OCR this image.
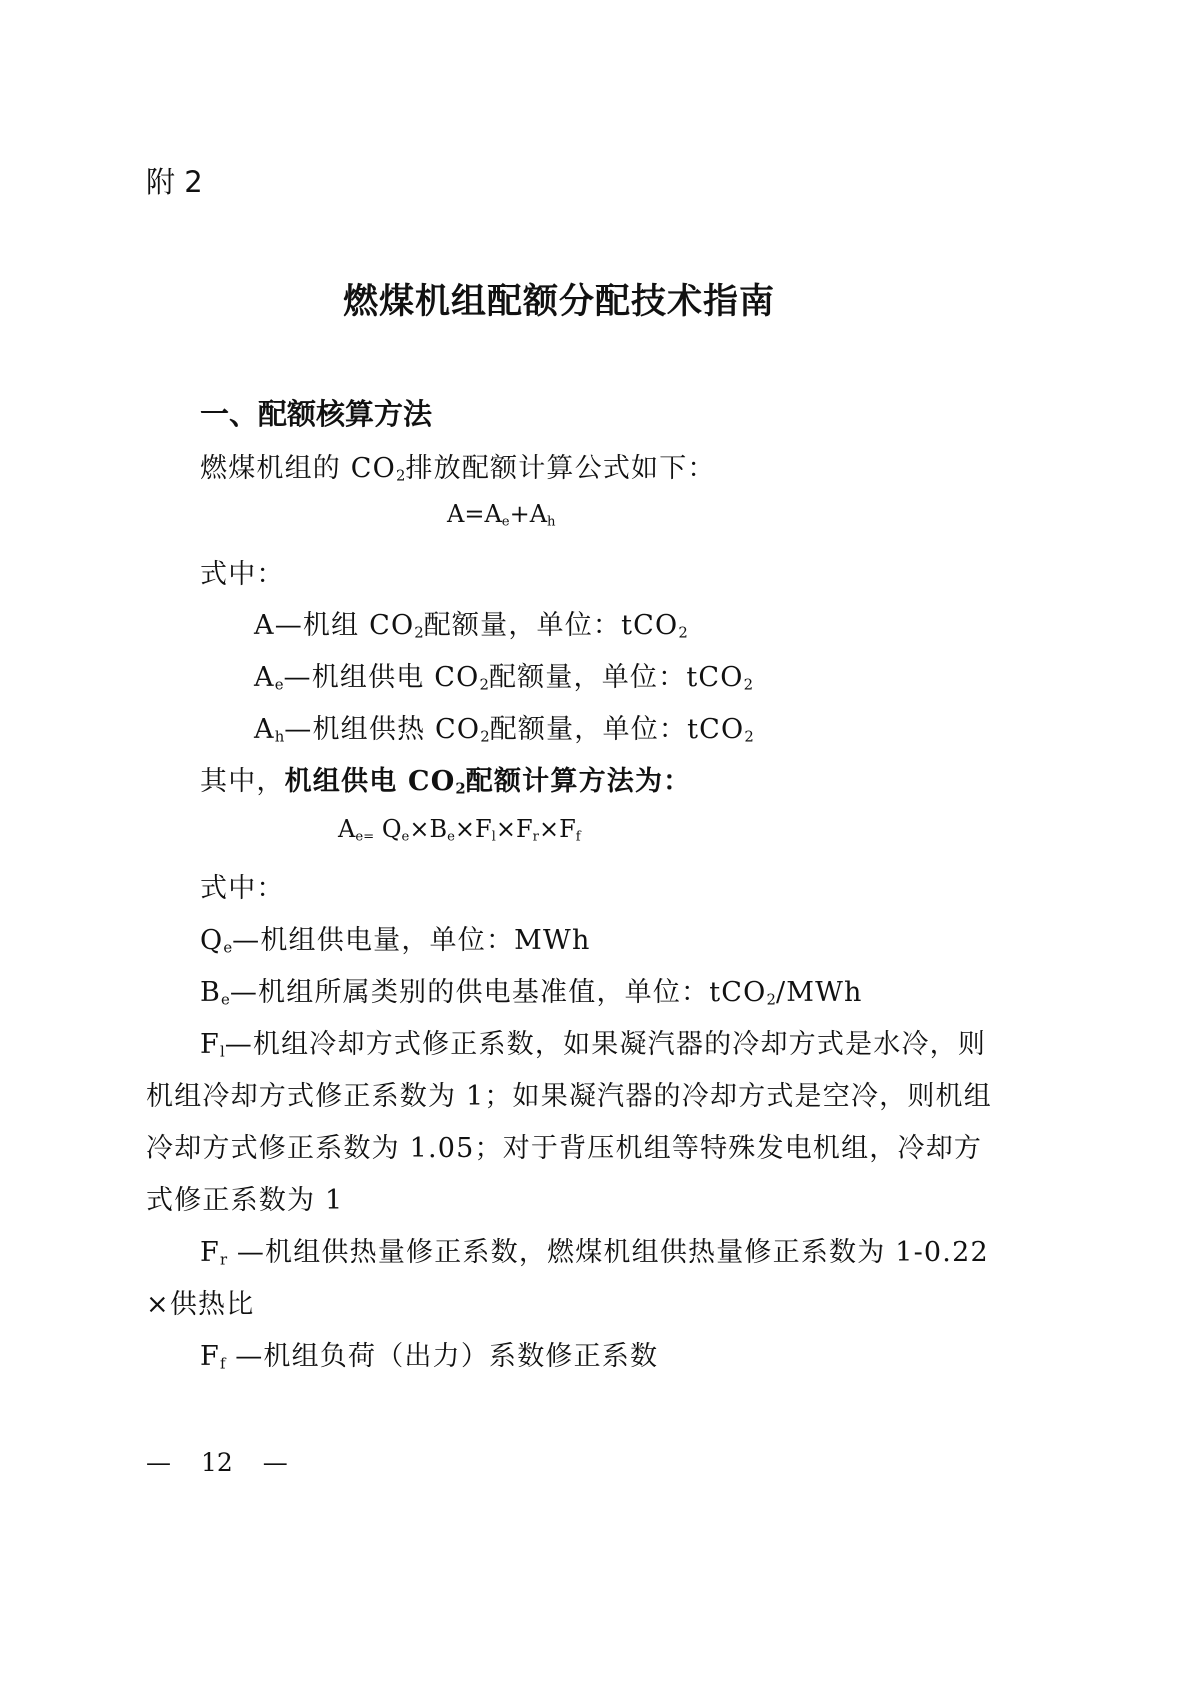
附 2
燃煤机组配额分配技术指南
一、配额核算方法
燃煤机组的 $CO_2$排放配额计算公式如下：
$A=A_e+A_h$
式中：
A—机组 $CO_2$配额量，单位：tCO$_2$
$A_e—$机组供电 $CO_2$配额量，单位：tCO$_2$
$A_h—$机组供热 $CO_2$配额量，单位：tCO$_2$
其中，机组供电 $CO_2$配额计算方法为：
$A_{e=}$ $Q_e\times B_e\times F_l\times F_r\times F_f$
式中：
$Q_e—$机组供电量，单位：MWh
$B_e—$机组所属类别的供电基准值，单位：tCO$_2$/MWh
$F_l—$机组冷却方式修正系数，如果凝汽器的冷却方式是水冷，则
机组冷却方式修正系数为 1；如果凝汽器的冷却方式是空冷，则机组
冷却方式修正系数为 1.05；对于背压机组等特殊发电机组，冷却方
式修正系数为 1
$F_r$ —机组供热量修正系数，燃煤机组供热量修正系数为 1-0.22
×供热比
$F_f$ —机组负荷（出力）系数修正系数
— 12 —
